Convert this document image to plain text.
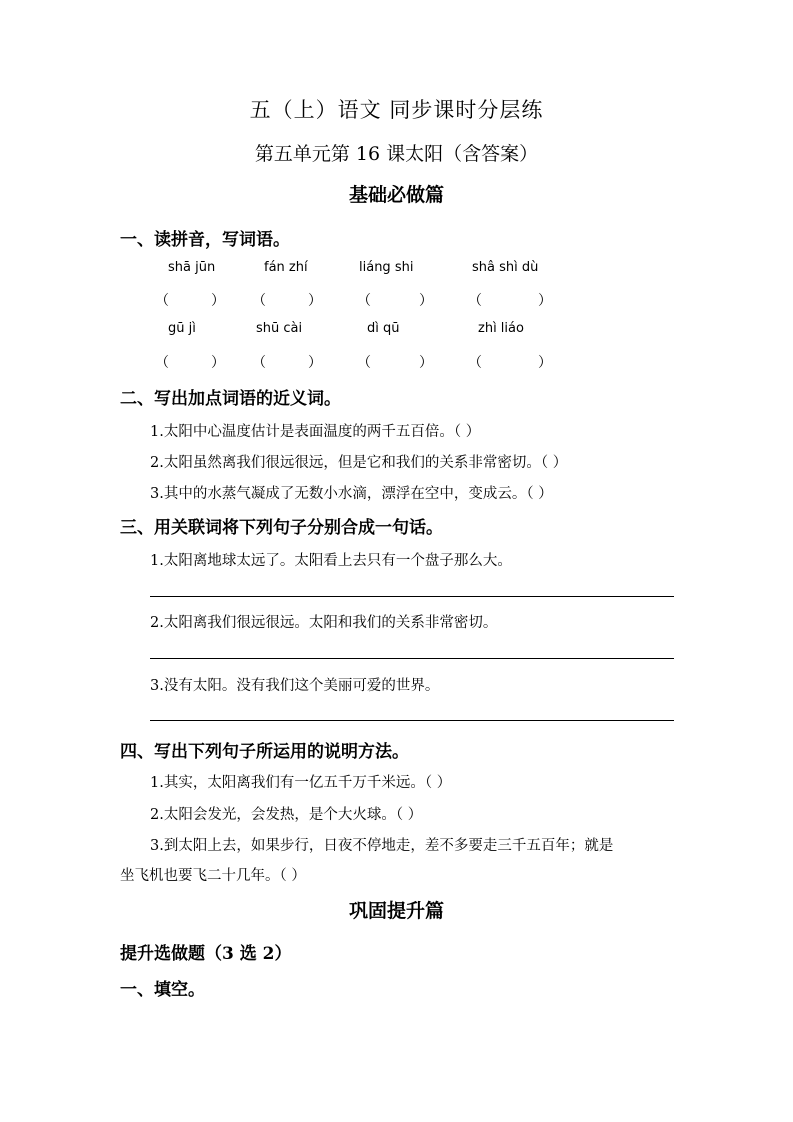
五（上）语文 同步课时分层练
第五单元第 16 课太阳（含答案）
基础必做篇
一、读拼音，写词语。
shā jūn	fán zhí	liáng shi	shâ shì dù
（	） （	）	（	）	（	）
gū jì	shū cài	dì qū	zhì liáo
（	） （	）	（	）	（	）
二、写出加点词语的近义词。
1.太阳中心温度估计是表面温度的两千五百倍。（ ）
2.太阳虽然离我们很远很远，但是它和我们的关系非常密切。（ ）
3.其中的水蒸气凝成了无数小水滴，漂浮在空中，变成云。（ ）
三、用关联词将下列句子分别合成一句话。
1.太阳离地球太远了。太阳看上去只有一个盘子那么大。
2.太阳离我们很远很远。太阳和我们的关系非常密切。
3.没有太阳。没有我们这个美丽可爱的世界。
四、写出下列句子所运用的说明方法。
1.其实，太阳离我们有一亿五千万千米远。（ ）
2.太阳会发光，会发热，是个大火球。（ ）
3.到太阳上去，如果步行，日夜不停地走，差不多要走三千五百年；就是
坐飞机也要飞二十几年。（ ）
巩固提升篇
提升选做题（3 选 2）
一、填空。
